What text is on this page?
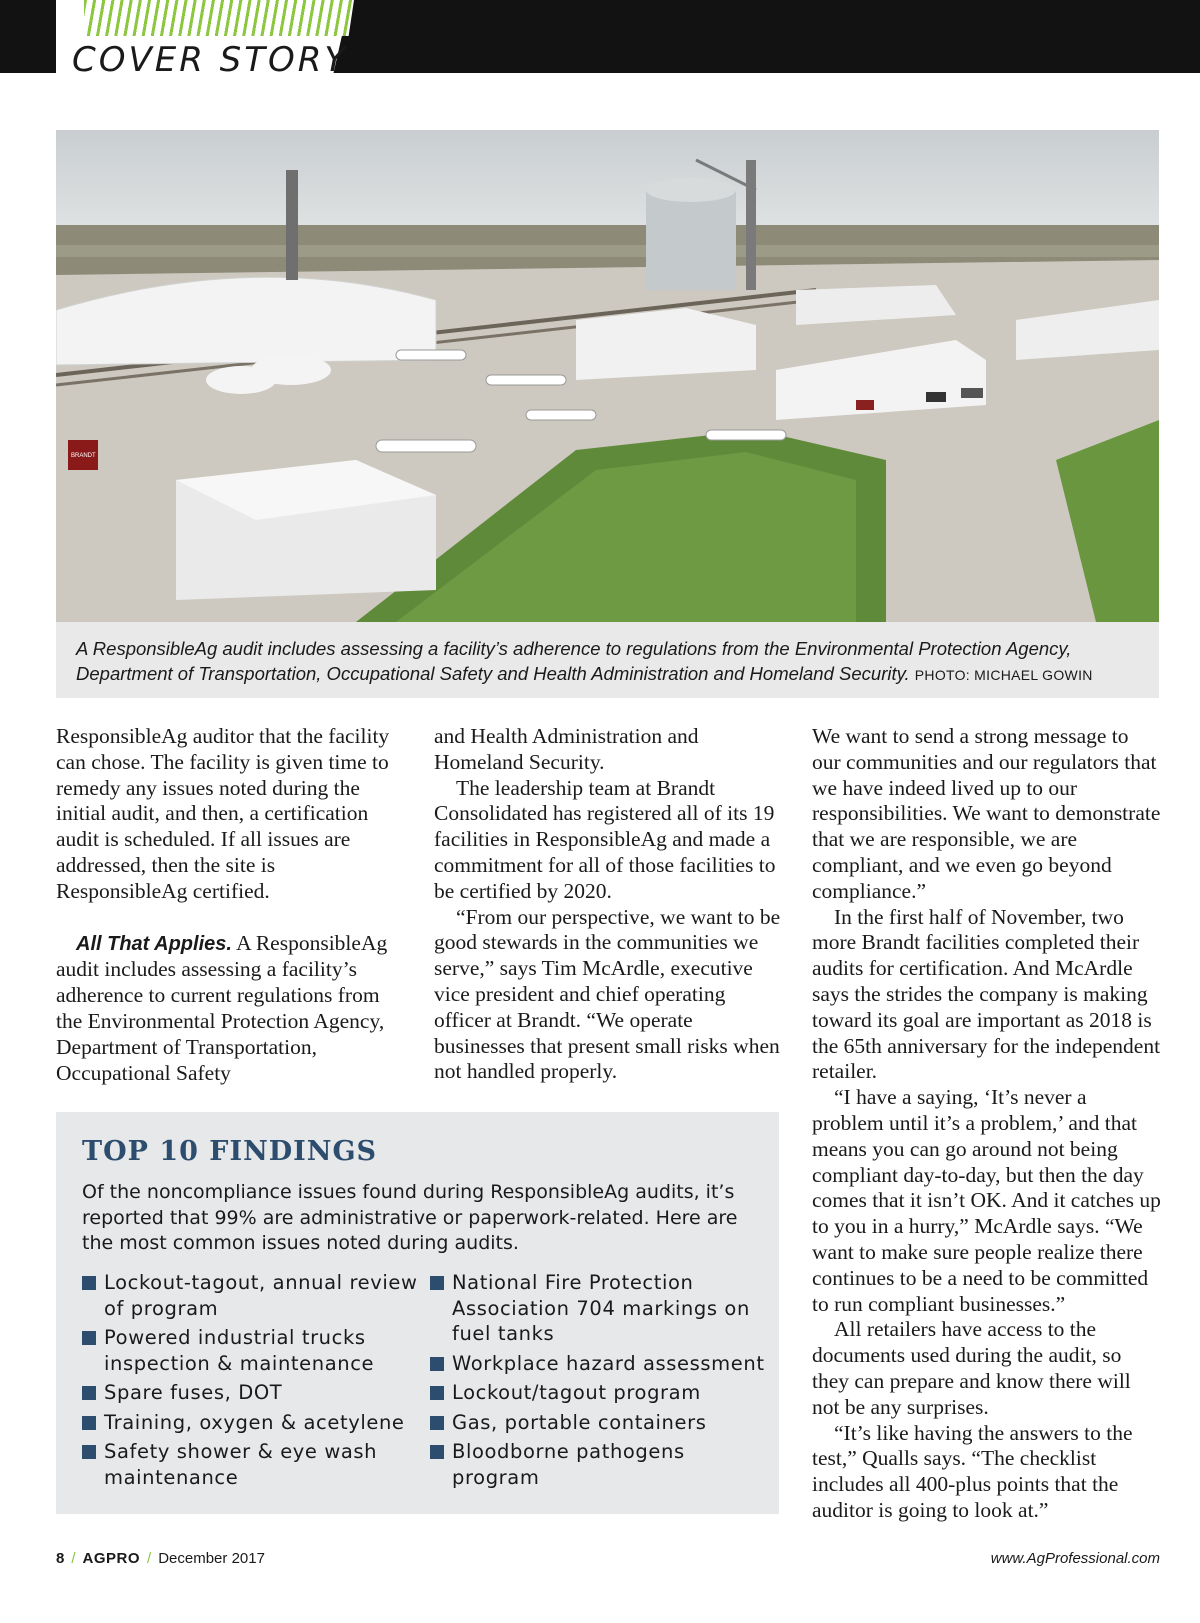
COVER STORY
BRANDT

A ResponsibleAg audit includes assessing a facility’s adherence to regulations from the Environmental Protection Agency, Department of Transportation, Occupational Safety and Health Administration and Homeland Security. PHOTO: MICHAEL GOWIN

ResponsibleAg auditor that the facility can chose. The facility is given time to remedy any issues noted during the initial audit, and then, a certification audit is scheduled. If all issues are addressed, then the site is ResponsibleAg certified.

All That Applies. A ResponsibleAg audit includes assessing a facility’s adherence to current regulations from the Environmental Protection Agency, Department of Transportation, Occupational Safety

and Health Administration and Homeland Security.

The leadership team at Brandt Consolidated has registered all of its 19 facilities in ResponsibleAg and made a commitment for all of those facilities to be certified by 2020.

“From our perspective, we want to be good stewards in the communities we serve,” says Tim McArdle, executive vice president and chief operating officer at Brandt. “We operate businesses that present small risks when not handled properly.

We want to send a strong message to our communities and our regulators that we have indeed lived up to our responsibilities. We want to demonstrate that we are responsible, we are compliant, and we even go beyond compliance.”

In the first half of November, two more Brandt facilities completed their audits for certification. And McArdle says the strides the company is making toward its goal are important as 2018 is the 65th anniversary for the independent retailer.

“I have a saying, ‘It’s never a problem until it’s a problem,’ and that means you can go around not being compliant day-to-day, but then the day comes that it isn’t OK. And it catches up to you in a hurry,” McArdle says. “We want to make sure people realize there continues to be a need to be committed to run compliant businesses.”

All retailers have access to the documents used during the audit, so they can prepare and know there will not be any surprises.

“It’s like having the answers to the test,” Qualls says. “The checklist includes all 400-plus points that the auditor is going to look at.”

TOP 10 FINDINGS

Of the noncompliance issues found during ResponsibleAg audits, it’s reported that 99% are administrative or paperwork-related. Here are the most common issues noted during audits.

Lockout-tagout, annual review of program
Powered industrial trucks inspection & maintenance
Spare fuses, DOT
Training, oxygen & acetylene
Safety shower & eye wash maintenance
National Fire Protection Association 704 markings on fuel tanks
Workplace hazard assessment
Lockout/tagout program
Gas, portable containers
Bloodborne pathogens program
8 / AGPRO / December 2017	www.AgProfessional.com
